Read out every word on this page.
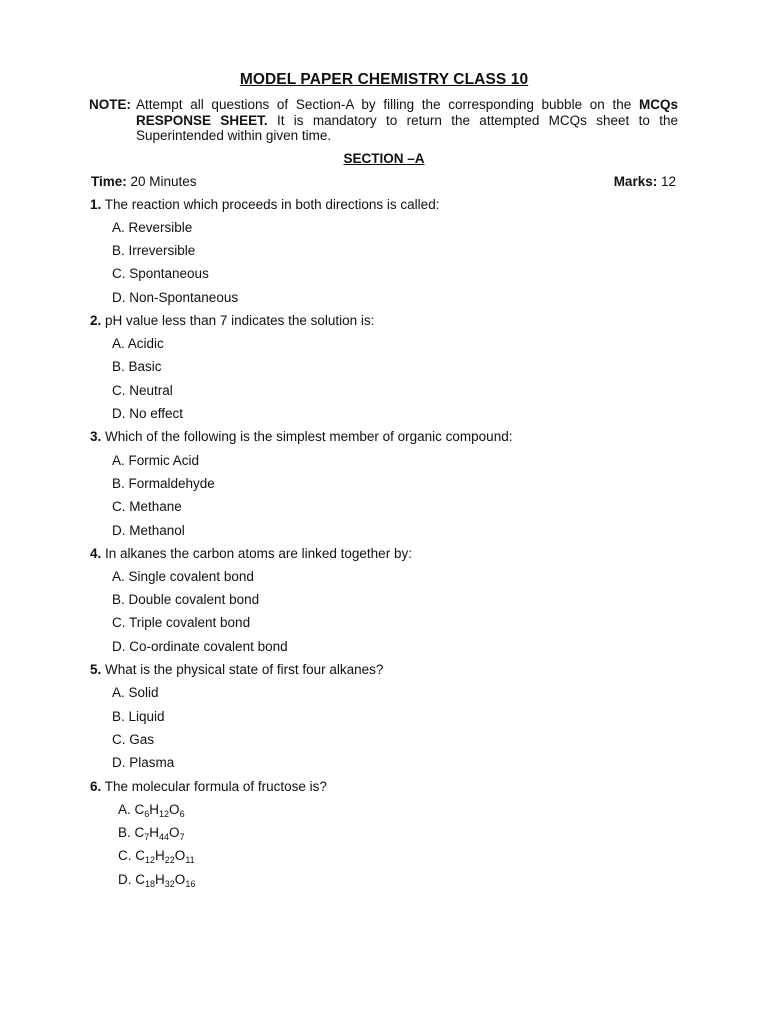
MODEL PAPER CHEMISTRY CLASS 10
NOTE: Attempt all questions of Section-A by filling the corresponding bubble on the MCQs RESPONSE SHEET. It is mandatory to return the attempted MCQs sheet to the Superintended within given time.
SECTION –A
Time: 20 Minutes	Marks: 12
1. The reaction which proceeds in both directions is called:
A. Reversible
B. Irreversible
C. Spontaneous
D. Non-Spontaneous
2. pH value less than 7 indicates the solution is:
A. Acidic
B. Basic
C. Neutral
D. No effect
3. Which of the following is the simplest member of organic compound:
A. Formic Acid
B. Formaldehyde
C. Methane
D. Methanol
4. In alkanes the carbon atoms are linked together by:
A. Single covalent bond
B. Double covalent bond
C. Triple covalent bond
D. Co-ordinate covalent bond
5. What is the physical state of first four alkanes?
A. Solid
B. Liquid
C. Gas
D. Plasma
6. The molecular formula of fructose is?
A. $C_6H_{12}O_6$
B. $C_7H_{44}O_7$
C. $C_{12}H_{22}O_{11}$
D. $C_{18}H_{32}O_{16}$
